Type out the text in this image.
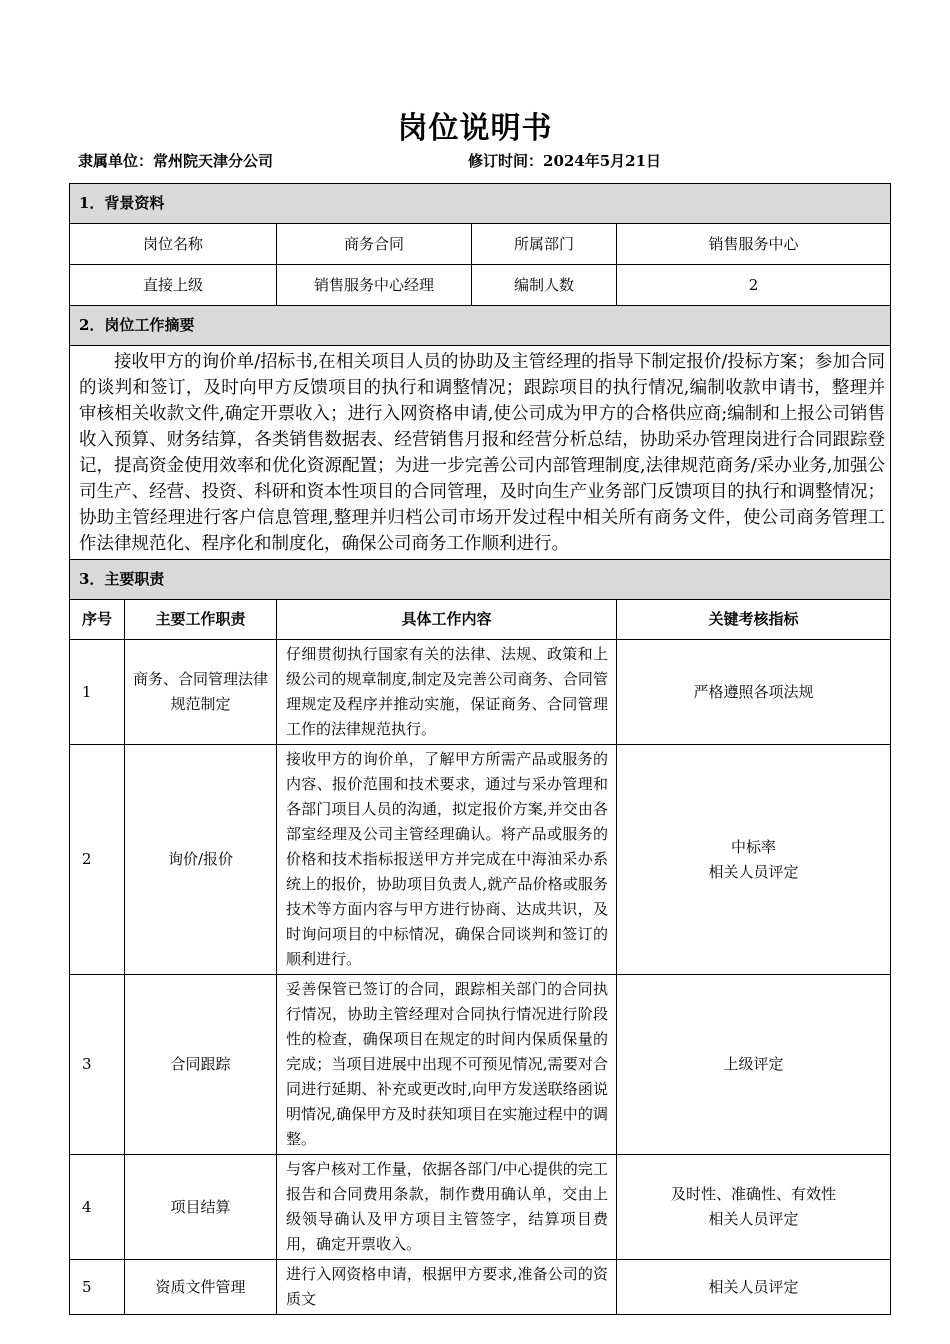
岗位说明书
隶属单位：常州院天津分公司	修订时间：2024年5月21日
1．背景资料				
岗位名称		商务合同	所属部门	销售服务中心
直接上级		销售服务中心经理	编制人数	2
2．岗位工作摘要				
接收甲方的询价单/招标书,在相关项目人员的协助及主管经理的指导下制定报价/投标方案；参加合同的谈判和签订，及时向甲方反馈项目的执行和调整情况；跟踪项目的执行情况,编制收款申请书，整理并审核相关收款文件,确定开票收入；进行入网资格申请,使公司成为甲方的合格供应商;编制和上报公司销售收入预算、财务结算，各类销售数据表、经营销售月报和经营分析总结，协助采办管理岗进行合同跟踪登记，提高资金使用效率和优化资源配置；为进一步完善公司内部管理制度,法律规范商务/采办业务,加强公司生产、经营、投资、科研和资本性项目的合同管理，及时向生产业务部门反馈项目的执行和调整情况；协助主管经理进行客户信息管理,整理并归档公司市场开发过程中相关所有商务文件，使公司商务管理工作法律规范化、程序化和制度化，确保公司商务工作顺利进行。				
3．主要职责				
序号	主要工作职责	具体工作内容		关键考核指标
1	商务、合同管理法律规范制定	仔细贯彻执行国家有关的法律、法规、政策和上级公司的规章制度,制定及完善公司商务、合同管理规定及程序并推动实施，保证商务、合同管理工作的法律规范执行。		严格遵照各项法规

2	询价/报价	接收甲方的询价单，了解甲方所需产品或服务的内容、报价范围和技术要求，通过与采办管理和各部门项目人员的沟通，拟定报价方案,并交由各部室经理及公司主管经理确认。将产品或服务的价格和技术指标报送甲方并完成在中海油采办系统上的报价，协助项目负责人,就产品价格或服务技术等方面内容与甲方进行协商、达成共识，及时询问项目的中标情况，确保合同谈判和签订的顺利进行。		中标率
相关人员评定

3	合同跟踪	妥善保管已签订的合同，跟踪相关部门的合同执行情况，协助主管经理对合同执行情况进行阶段性的检查，确保项目在规定的时间内保质保量的完成；当项目进展中出现不可预见情况,需要对合同进行延期、补充或更改时,向甲方发送联络函说明情况,确保甲方及时获知项目在实施过程中的调整。		上级评定

4	项目结算	与客户核对工作量，依据各部门/中心提供的完工报告和合同费用条款，制作费用确认单，交由上级领导确认及甲方项目主管签字，结算项目费用，确定开票收入。		及时性、准确性、有效性
相关人员评定

5	资质文件管理	进行入网资格申请，根据甲方要求,准备公司的资质文		相关人员评定
